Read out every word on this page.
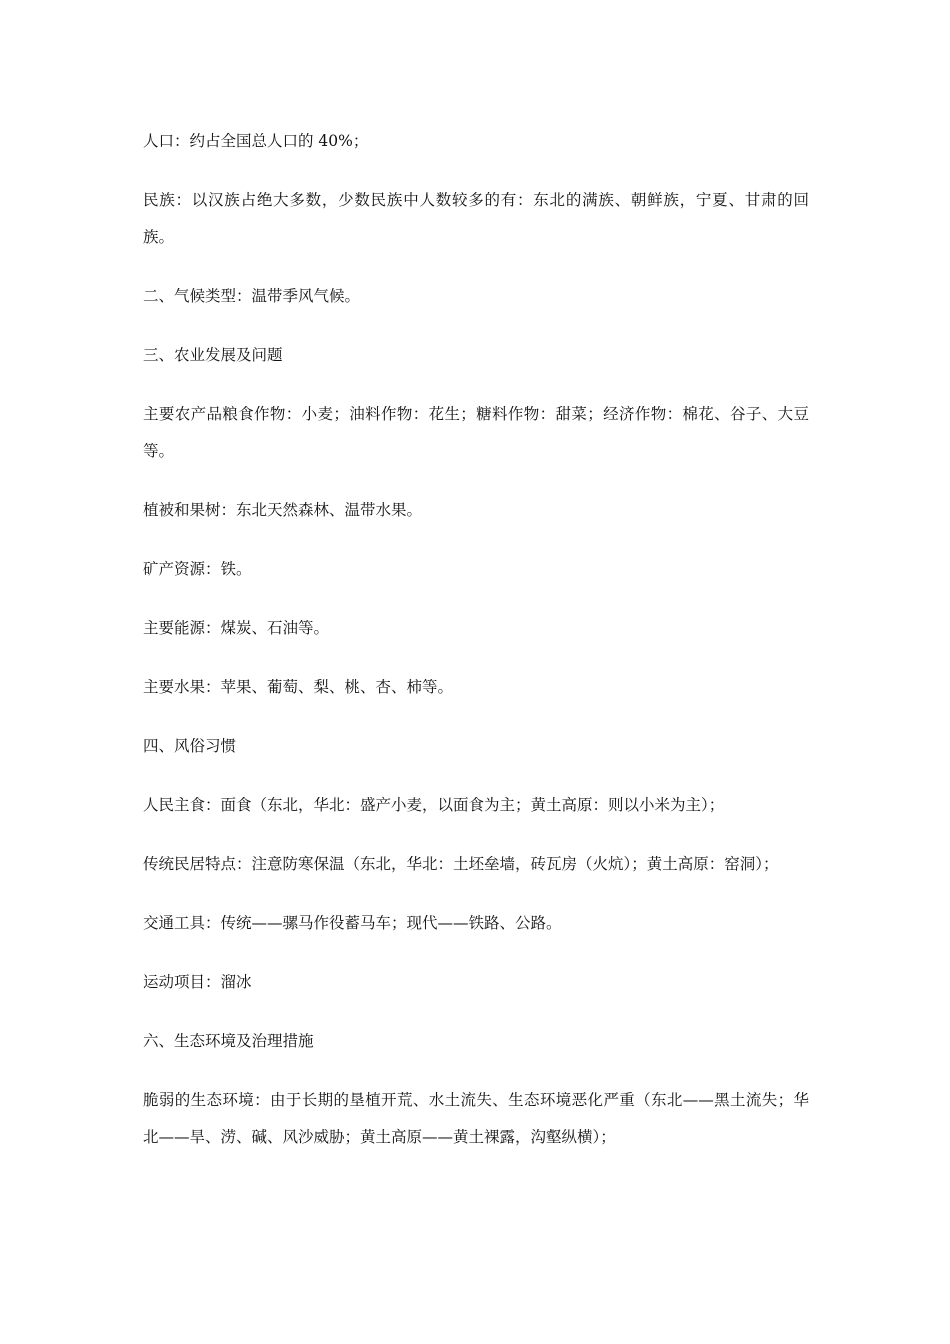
人口：约占全国总人口的 40%；

民族：以汉族占绝大多数，少数民族中人数较多的有：东北的满族、朝鲜族，宁夏、甘肃的回族。

二、气候类型：温带季风气候。

三、农业发展及问题

主要农产品粮食作物：小麦；油料作物：花生；糖料作物：甜菜；经济作物：棉花、谷子、大豆等。

植被和果树：东北天然森林、温带水果。

矿产资源：铁。

主要能源：煤炭、石油等。

主要水果：苹果、葡萄、梨、桃、杏、柿等。

四、风俗习惯

人民主食：面食（东北，华北：盛产小麦，以面食为主；黄土高原：则以小米为主）；

传统民居特点：注意防寒保温（东北，华北：土坯垒墙，砖瓦房（火炕）；黄土高原：窑洞）；

交通工具：传统——骡马作役蓄马车；现代——铁路、公路。

运动项目：溜冰

六、生态环境及治理措施

脆弱的生态环境：由于长期的垦植开荒、水土流失、生态环境恶化严重（东北——黑土流失；华北——旱、涝、碱、风沙威胁；黄土高原——黄土裸露，沟壑纵横）；
